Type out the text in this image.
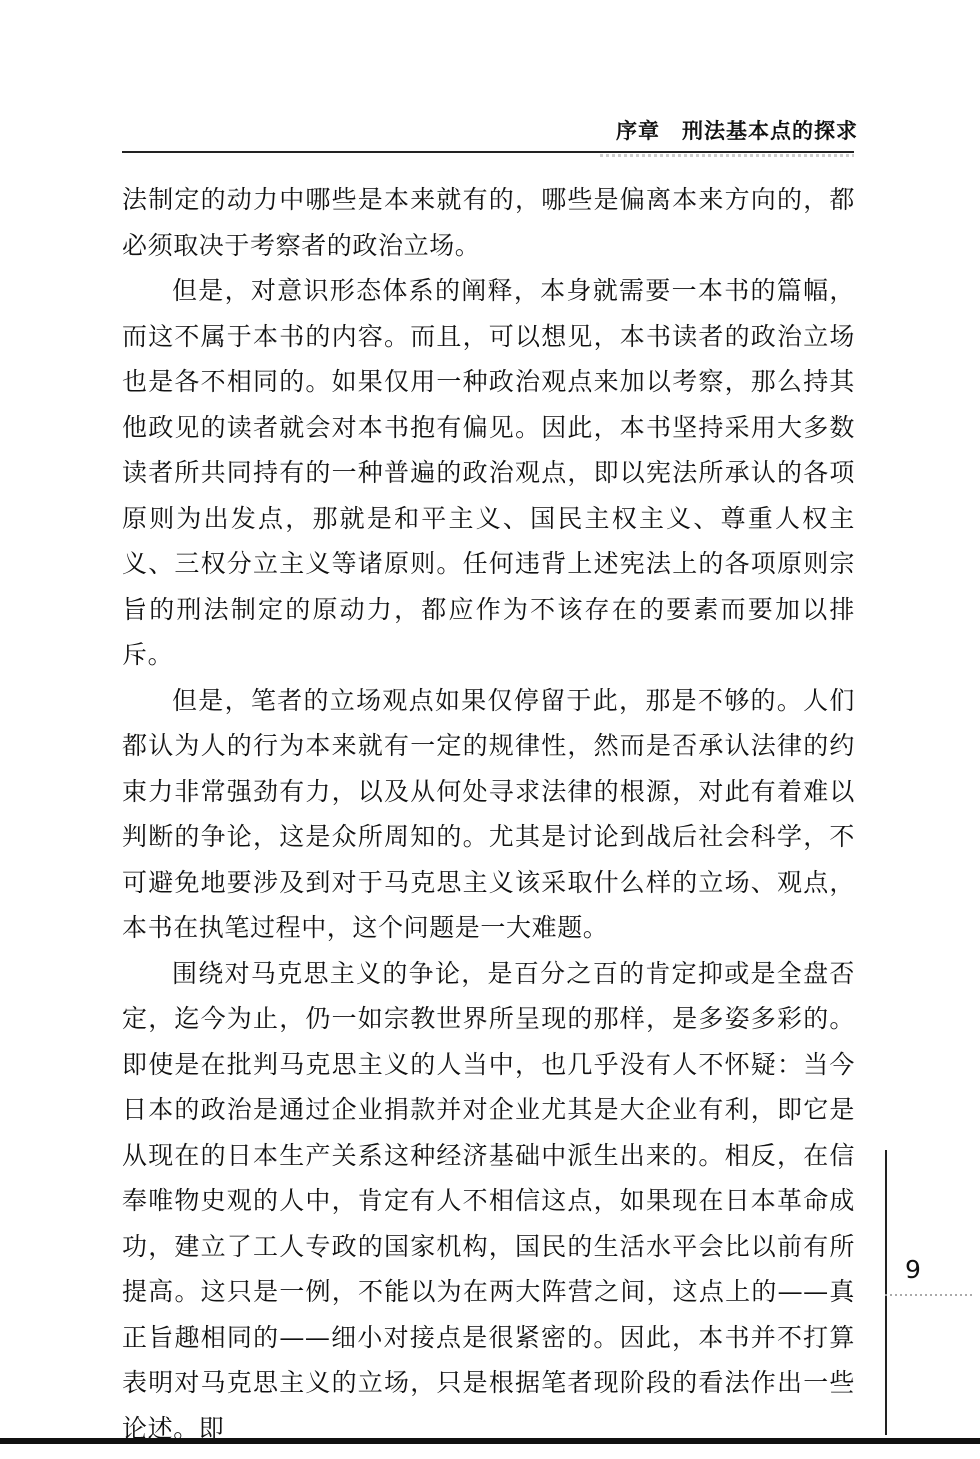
序章 刑法基本点的探求

法制定的动力中哪些是本来就有的，哪些是偏离本来方向的，都必须取决于考察者的政治立场。

但是，对意识形态体系的阐释，本身就需要一本书的篇幅，而这不属于本书的内容。而且，可以想见，本书读者的政治立场也是各不相同的。如果仅用一种政治观点来加以考察，那么持其他政见的读者就会对本书抱有偏见。因此，本书坚持采用大多数读者所共同持有的一种普遍的政治观点，即以宪法所承认的各项原则为出发点，那就是和平主义、国民主权主义、尊重人权主义、三权分立主义等诸原则。任何违背上述宪法上的各项原则宗旨的刑法制定的原动力，都应作为不该存在的要素而要加以排斥。

但是，笔者的立场观点如果仅停留于此，那是不够的。人们都认为人的行为本来就有一定的规律性，然而是否承认法律的约束力非常强劲有力，以及从何处寻求法律的根源，对此有着难以判断的争论，这是众所周知的。尤其是讨论到战后社会科学，不可避免地要涉及到对于马克思主义该采取什么样的立场、观点，本书在执笔过程中，这个问题是一大难题。

围绕对马克思主义的争论，是百分之百的肯定抑或是全盘否定，迄今为止，仍一如宗教世界所呈现的那样，是多姿多彩的。即使是在批判马克思主义的人当中，也几乎没有人不怀疑：当今日本的政治是通过企业捐款并对企业尤其是大企业有利，即它是从现在的日本生产关系这种经济基础中派生出来的。相反，在信奉唯物史观的人中，肯定有人不相信这点，如果现在日本革命成功，建立了工人专政的国家机构，国民的生活水平会比以前有所提高。这只是一例，不能以为在两大阵营之间，这点上的——真正旨趣相同的——细小对接点是很紧密的。因此，本书并不打算表明对马克思主义的立场，只是根据笔者现阶段的看法作出一些论述。即

9
